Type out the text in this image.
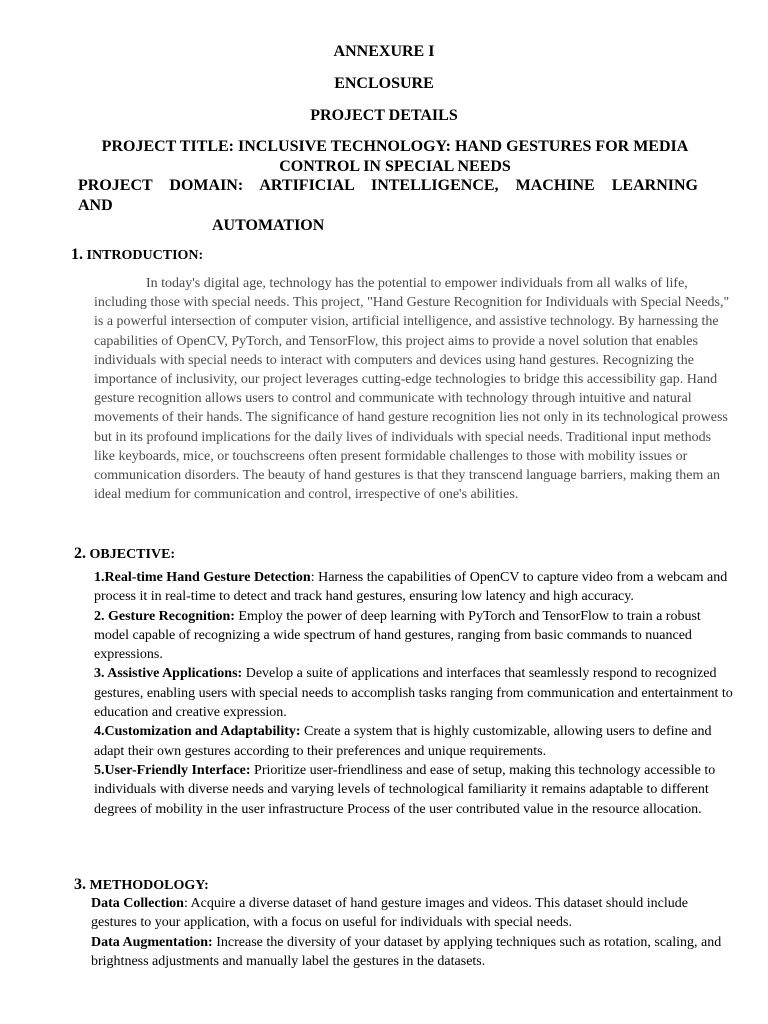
ANNEXURE I
ENCLOSURE
PROJECT DETAILS
PROJECT TITLE: INCLUSIVE TECHNOLOGY: HAND GESTURES FOR MEDIA
CONTROL IN SPECIAL NEEDS
PROJECT DOMAIN: ARTIFICIAL INTELLIGENCE, MACHINE LEARNING
AND
AUTOMATION
1. INTRODUCTION:
In today's digital age, technology has the potential to empower individuals from all walks of life, including those with special needs. This project, "Hand Gesture Recognition for Individuals with Special Needs," is a powerful intersection of computer vision, artificial intelligence, and assistive technology. By harnessing the capabilities of OpenCV, PyTorch, and TensorFlow, this project aims to provide a novel solution that enables individuals with special needs to interact with computers and devices using hand gestures. Recognizing the importance of inclusivity, our project leverages cutting-edge technologies to bridge this accessibility gap. Hand gesture recognition allows users to control and communicate with technology through intuitive and natural movements of their hands. The significance of hand gesture recognition lies not only in its technological prowess but in its profound implications for the daily lives of individuals with special needs. Traditional input methods like keyboards, mice, or touchscreens often present formidable challenges to those with mobility issues or communication disorders. The beauty of hand gestures is that they transcend language barriers, making them an ideal medium for communication and control, irrespective of one's abilities.
2. OBJECTIVE:

1.Real-time Hand Gesture Detection: Harness the capabilities of OpenCV to capture video from a webcam and process it in real-time to detect and track hand gestures, ensuring low latency and high accuracy.

2. Gesture Recognition: Employ the power of deep learning with PyTorch and TensorFlow to train a robust model capable of recognizing a wide spectrum of hand gestures, ranging from basic commands to nuanced expressions.

3. Assistive Applications: Develop a suite of applications and interfaces that seamlessly respond to recognized gestures, enabling users with special needs to accomplish tasks ranging from communication and entertainment to education and creative expression.

4.Customization and Adaptability: Create a system that is highly customizable, allowing users to define and adapt their own gestures according to their preferences and unique requirements.

5.User-Friendly Interface: Prioritize user-friendliness and ease of setup, making this technology accessible to individuals with diverse needs and varying levels of technological familiarity it remains adaptable to different degrees of mobility in the user infrastructure Process of the user contributed value in the resource allocation.

3. METHODOLOGY:

Data Collection: Acquire a diverse dataset of hand gesture images and videos. This dataset should include gestures to your application, with a focus on useful for individuals with special needs.

Data Augmentation: Increase the diversity of your dataset by applying techniques such as rotation, scaling, and brightness adjustments and manually label the gestures in the datasets.
